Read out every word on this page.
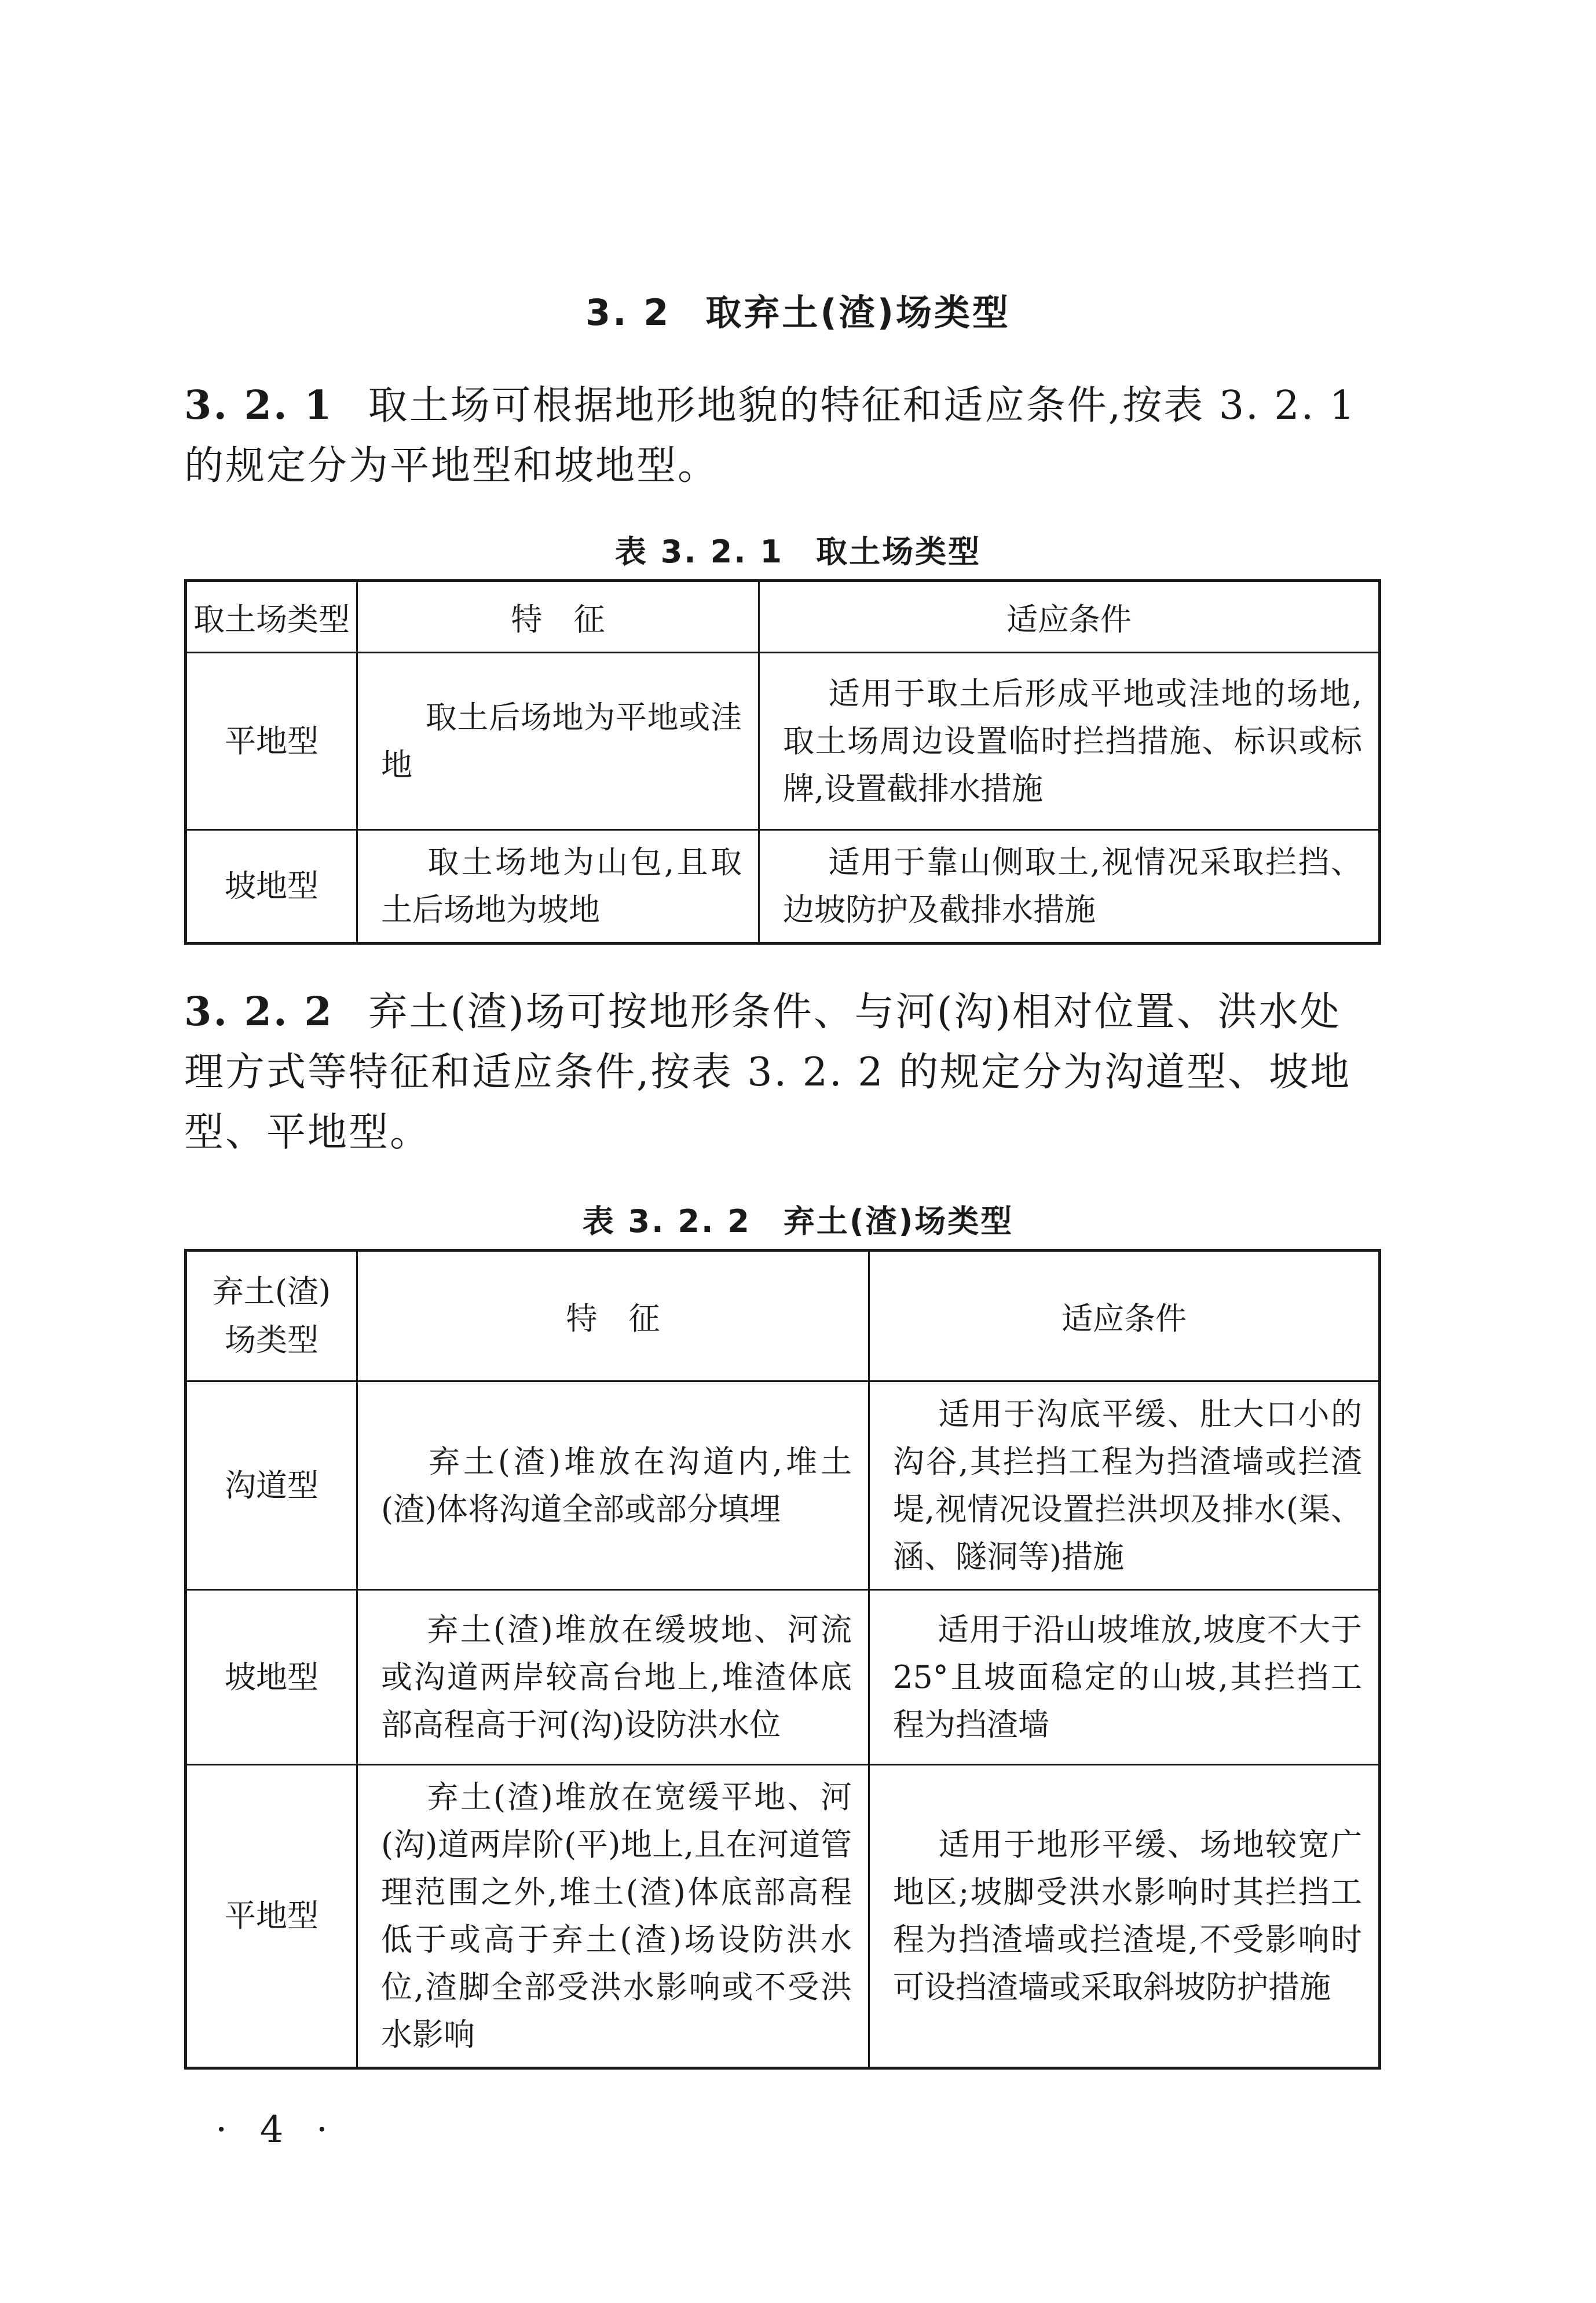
3. 2 取弃土(渣)场类型
3. 2. 1 取土场可根据地形地貌的特征和适应条件,按表 3. 2. 1 的规定分为平地型和坡地型。
表 3. 2. 1 取土场类型
取土场类型	特　征	适应条件
平地型	取土后场地为平地或洼地	适用于取土后形成平地或洼地的场地,取土场周边设置临时拦挡措施、标识或标牌,设置截排水措施
坡地型	取土场地为山包,且取土后场地为坡地	适用于靠山侧取土,视情况采取拦挡、边坡防护及截排水措施
3. 2. 2 弃土(渣)场可按地形条件、与河(沟)相对位置、洪水处理方式等特征和适应条件,按表 3. 2. 2 的规定分为沟道型、坡地型、平地型。
表 3. 2. 2 弃土(渣)场类型
弃土(渣)场类型	特　征	适应条件
沟道型	弃土(渣)堆放在沟道内,堆土(渣)体将沟道全部或部分填埋	适用于沟底平缓、肚大口小的沟谷,其拦挡工程为挡渣墙或拦渣堤,视情况设置拦洪坝及排水(渠、涵、隧洞等)措施
坡地型	弃土(渣)堆放在缓坡地、河流或沟道两岸较高台地上,堆渣体底部高程高于河(沟)设防洪水位	适用于沿山坡堆放,坡度不大于25°且坡面稳定的山坡,其拦挡工程为挡渣墙
平地型	弃土(渣)堆放在宽缓平地、河(沟)道两岸阶(平)地上,且在河道管理范围之外,堆土(渣)体底部高程低于或高于弃土(渣)场设防洪水位,渣脚全部受洪水影响或不受洪水影响	适用于地形平缓、场地较宽广地区;坡脚受洪水影响时其拦挡工程为挡渣墙或拦渣堤,不受影响时可设挡渣墙或采取斜坡防护措施
· 4 ·
